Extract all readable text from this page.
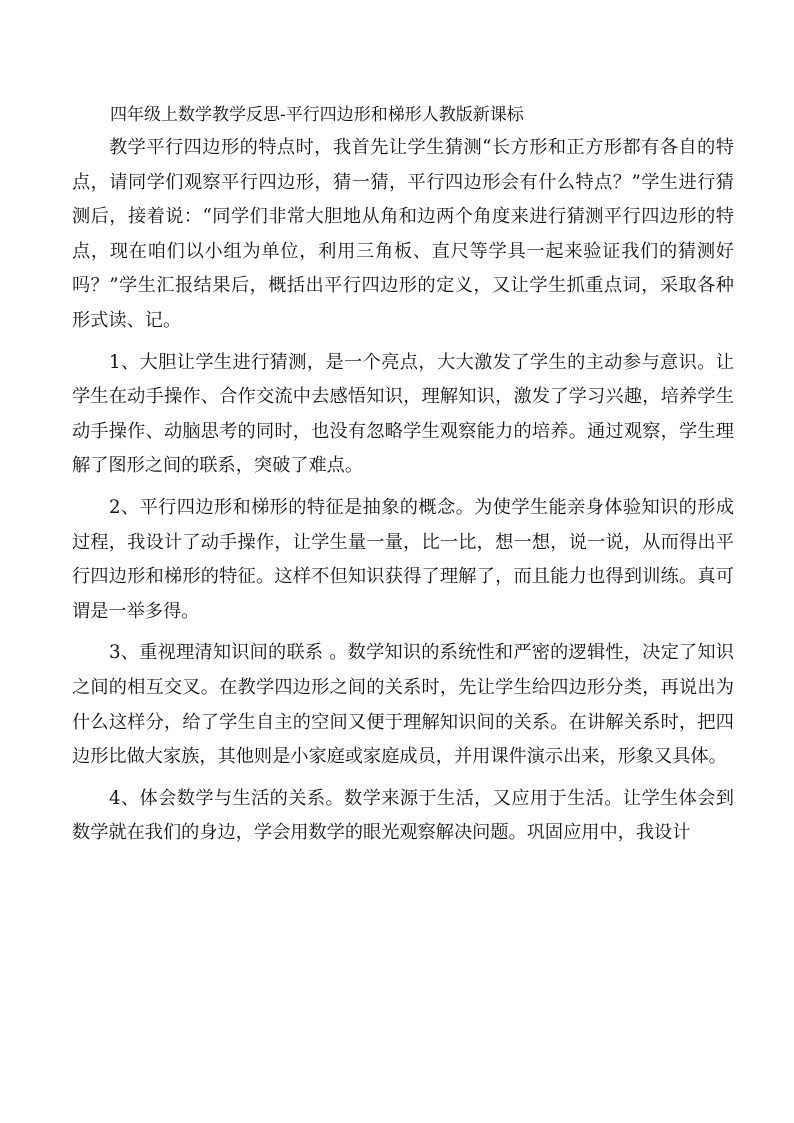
四年级上数学教学反思-平行四边形和梯形人教版新课标

教学平行四边形的特点时，我首先让学生猜测“长方形和正方形都有各自的特点，请同学们观察平行四边形，猜一猜，平行四边形会有什么特点？”学生进行猜测后，接着说：“同学们非常大胆地从角和边两个角度来进行猜测平行四边形的特点，现在咱们以小组为单位，利用三角板、直尺等学具一起来验证我们的猜测好吗？”学生汇报结果后，概括出平行四边形的定义，又让学生抓重点词，采取各种形式读、记。

1、大胆让学生进行猜测，是一个亮点，大大激发了学生的主动参与意识。让学生在动手操作、合作交流中去感悟知识，理解知识，激发了学习兴趣，培养学生动手操作、动脑思考的同时，也没有忽略学生观察能力的培养。通过观察，学生理解了图形之间的联系，突破了难点。

2、平行四边形和梯形的特征是抽象的概念。为使学生能亲身体验知识的形成过程，我设计了动手操作，让学生量一量，比一比，想一想，说一说，从而得出平行四边形和梯形的特征。这样不但知识获得了理解了，而且能力也得到训练。真可谓是一举多得。

3、重视理清知识间的联系 。数学知识的系统性和严密的逻辑性，决定了知识之间的相互交叉。在教学四边形之间的关系时，先让学生给四边形分类，再说出为什么这样分，给了学生自主的空间又便于理解知识间的关系。在讲解关系时，把四边形比做大家族，其他则是小家庭或家庭成员，并用课件演示出来，形象又具体。

4、体会数学与生活的关系。数学来源于生活，又应用于生活。让学生体会到数学就在我们的身边，学会用数学的眼光观察解决问题。巩固应用中，我设计
